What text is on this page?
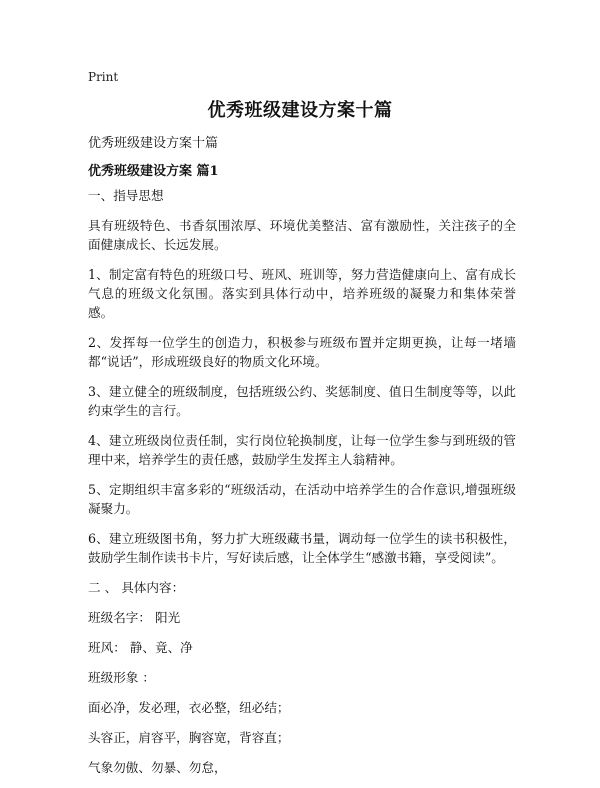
Print
优秀班级建设方案十篇
优秀班级建设方案十篇
优秀班级建设方案 篇1

一、指导思想

具有班级特色、书香氛围浓厚、环境优美整洁、富有激励性，关注孩子的全面健康成长、长远发展。

1、制定富有特色的班级口号、班风、班训等，努力营造健康向上、富有成长气息的班级文化氛围。落实到具体行动中，培养班级的凝聚力和集体荣誉感。

2、发挥每一位学生的创造力，积极参与班级布置并定期更换，让每一堵墙都“说话”，形成班级良好的物质文化环境。

3、建立健全的班级制度，包括班级公约、奖惩制度、值日生制度等等，以此约束学生的言行。

4、建立班级岗位责任制，实行岗位轮换制度，让每一位学生参与到班级的管理中来，培养学生的责任感，鼓励学生发挥主人翁精神。

5、定期组织丰富多彩的“班级活动，在活动中培养学生的合作意识,增强班级凝聚力。

6、建立班级图书角，努力扩大班级藏书量，调动每一位学生的读书积极性，鼓励学生制作读书卡片，写好读后感，让全体学生“感激书籍，享受阅读”。

二 、 具体内容：

班级名字： 阳光

班风： 静、竟、净

班级形象 ：

面必净，发必理，衣必整，纽必结；

头容正，肩容平，胸容宽，背容直；

气象勿傲、勿暴、勿怠，
